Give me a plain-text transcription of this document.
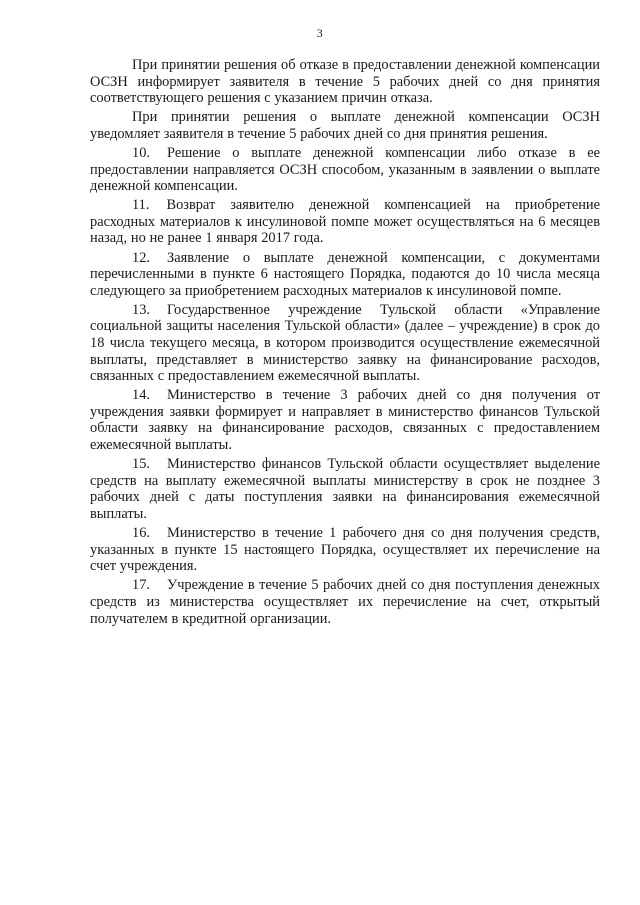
3

При принятии решения об отказе в предоставлении денежной компенсации ОСЗН информирует заявителя в течение 5 рабочих дней со дня принятия соответствующего решения с указанием причин отказа.

При принятии решения о выплате денежной компенсации ОСЗН уведомляет заявителя в течение 5 рабочих дней со дня принятия решения.

10. Решение о выплате денежной компенсации либо отказе в ее предоставлении направляется ОСЗН способом, указанным в заявлении о выплате денежной компенсации.

11. Возврат заявителю денежной компенсацией на приобретение расходных материалов к инсулиновой помпе может осуществляться на 6 месяцев назад, но не ранее 1 января 2017 года.

12. Заявление о выплате денежной компенсации, с документами перечисленными в пункте 6 настоящего Порядка, подаются до 10 числа месяца следующего за приобретением расходных материалов к инсулиновой помпе.

13. Государственное учреждение Тульской области «Управление социальной защиты населения Тульской области» (далее – учреждение) в срок до 18 числа текущего месяца, в котором производится осуществление ежемесячной выплаты, представляет в министерство заявку на финансирование расходов, связанных с предоставлением ежемесячной выплаты.

14. Министерство в течение 3 рабочих дней со дня получения от учреждения заявки формирует и направляет в министерство финансов Тульской области заявку на финансирование расходов, связанных с предоставлением ежемесячной выплаты.

15. Министерство финансов Тульской области осуществляет выделение средств на выплату ежемесячной выплаты министерству в срок не позднее 3 рабочих дней с даты поступления заявки на финансирования ежемесячной выплаты.

16. Министерство в течение 1 рабочего дня со дня получения средств, указанных в пункте 15 настоящего Порядка, осуществляет их перечисление на счет учреждения.

17. Учреждение в течение 5 рабочих дней со дня поступления денежных средств из министерства осуществляет их перечисление на счет, открытый получателем в кредитной организации.
